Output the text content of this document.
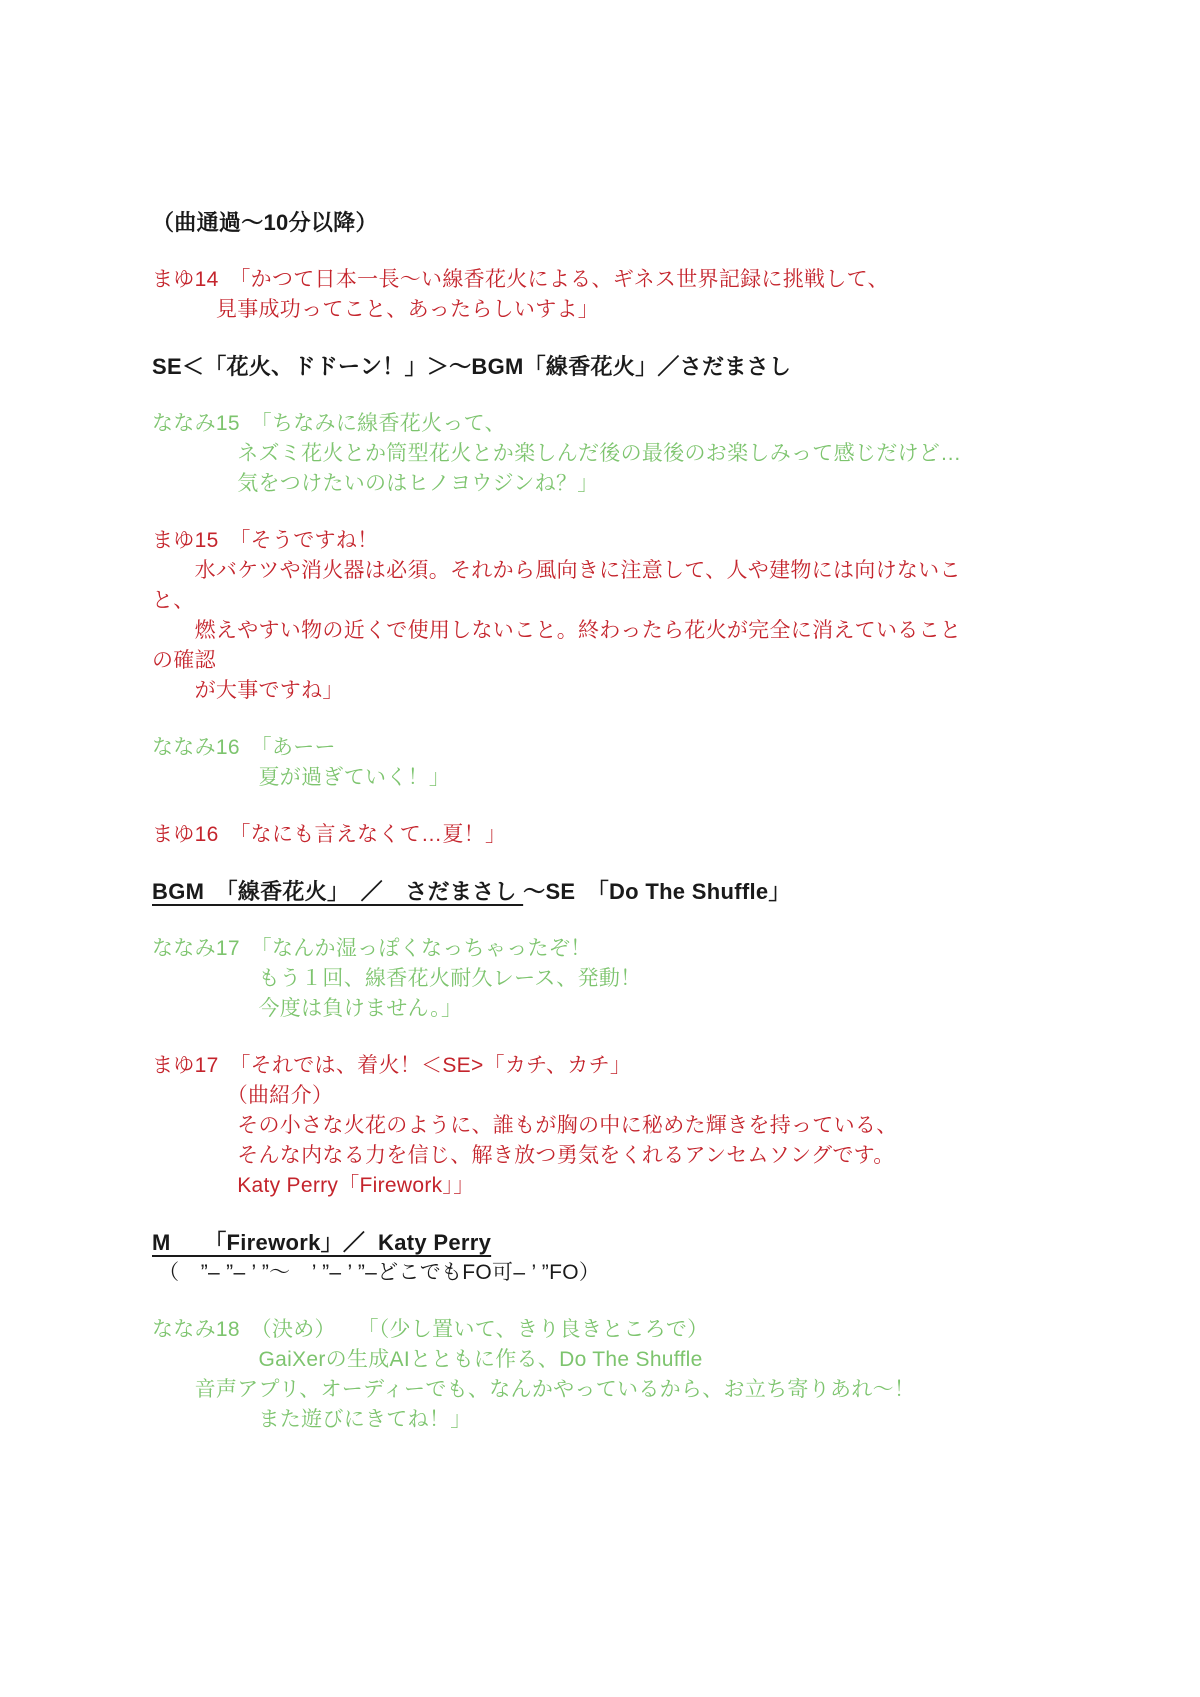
（曲通過〜10分以降）
まゆ14　「かつて日本一長〜い線香花火による、ギネス世界記録に挑戦して、
　　　見事成功ってこと、あったらしいすよ」
SE＜「花火、ドドーン！」＞〜BGM「線香花火」／さだまさし
ななみ15　「ちなみに線香花火って、
　　　　ネズミ花火とか筒型花火とか楽しんだ後の最後のお楽しみって感じだけど…
　　　　気をつけたいのはヒノヨウジンね？」
まゆ15　「そうですね！
　　水バケツや消火器は必須。それから風向きに注意して、人や建物には向けないこ
と、
　　燃えやすい物の近くで使用しないこと。終わったら花火が完全に消えていること
の確認
　　が大事ですね」
ななみ16　「あーー
　　　　　夏が過ぎていく！」
まゆ16　「なにも言えなくて…夏！」
BGM　「線香花火」　／　さだまさし 〜SE　「Do The Shuffle」
ななみ17　「なんか湿っぽくなっちゃったぞ！
　　　　　もう１回、線香花火耐久レース、発動！
　　　　　今度は負けません。」
まゆ17　「それでは、着火！＜SE>「カチ、カチ」
　　　　（曲紹介）
　　　　その小さな火花のように、誰もが胸の中に秘めた輝きを持っている、
　　　　そんな内なる力を信じ、解き放つ勇気をくれるアンセムソングです。
　　　　Katy Perry「Firework」」
M　　「Firework」／  Katy Perry
（　”– ”– ’ ”〜　’ ”– ’ ”–どこでもFO可– ’ ”FO）
ななみ18　（決め）　　「（少し置いて、きり良きところで）
　　　　　GaiXerの生成AIとともに作る、Do The Shuffle
　　音声アプリ、オーディーでも、なんかやっているから、お立ち寄りあれ〜！
　　　　　また遊びにきてね！」
